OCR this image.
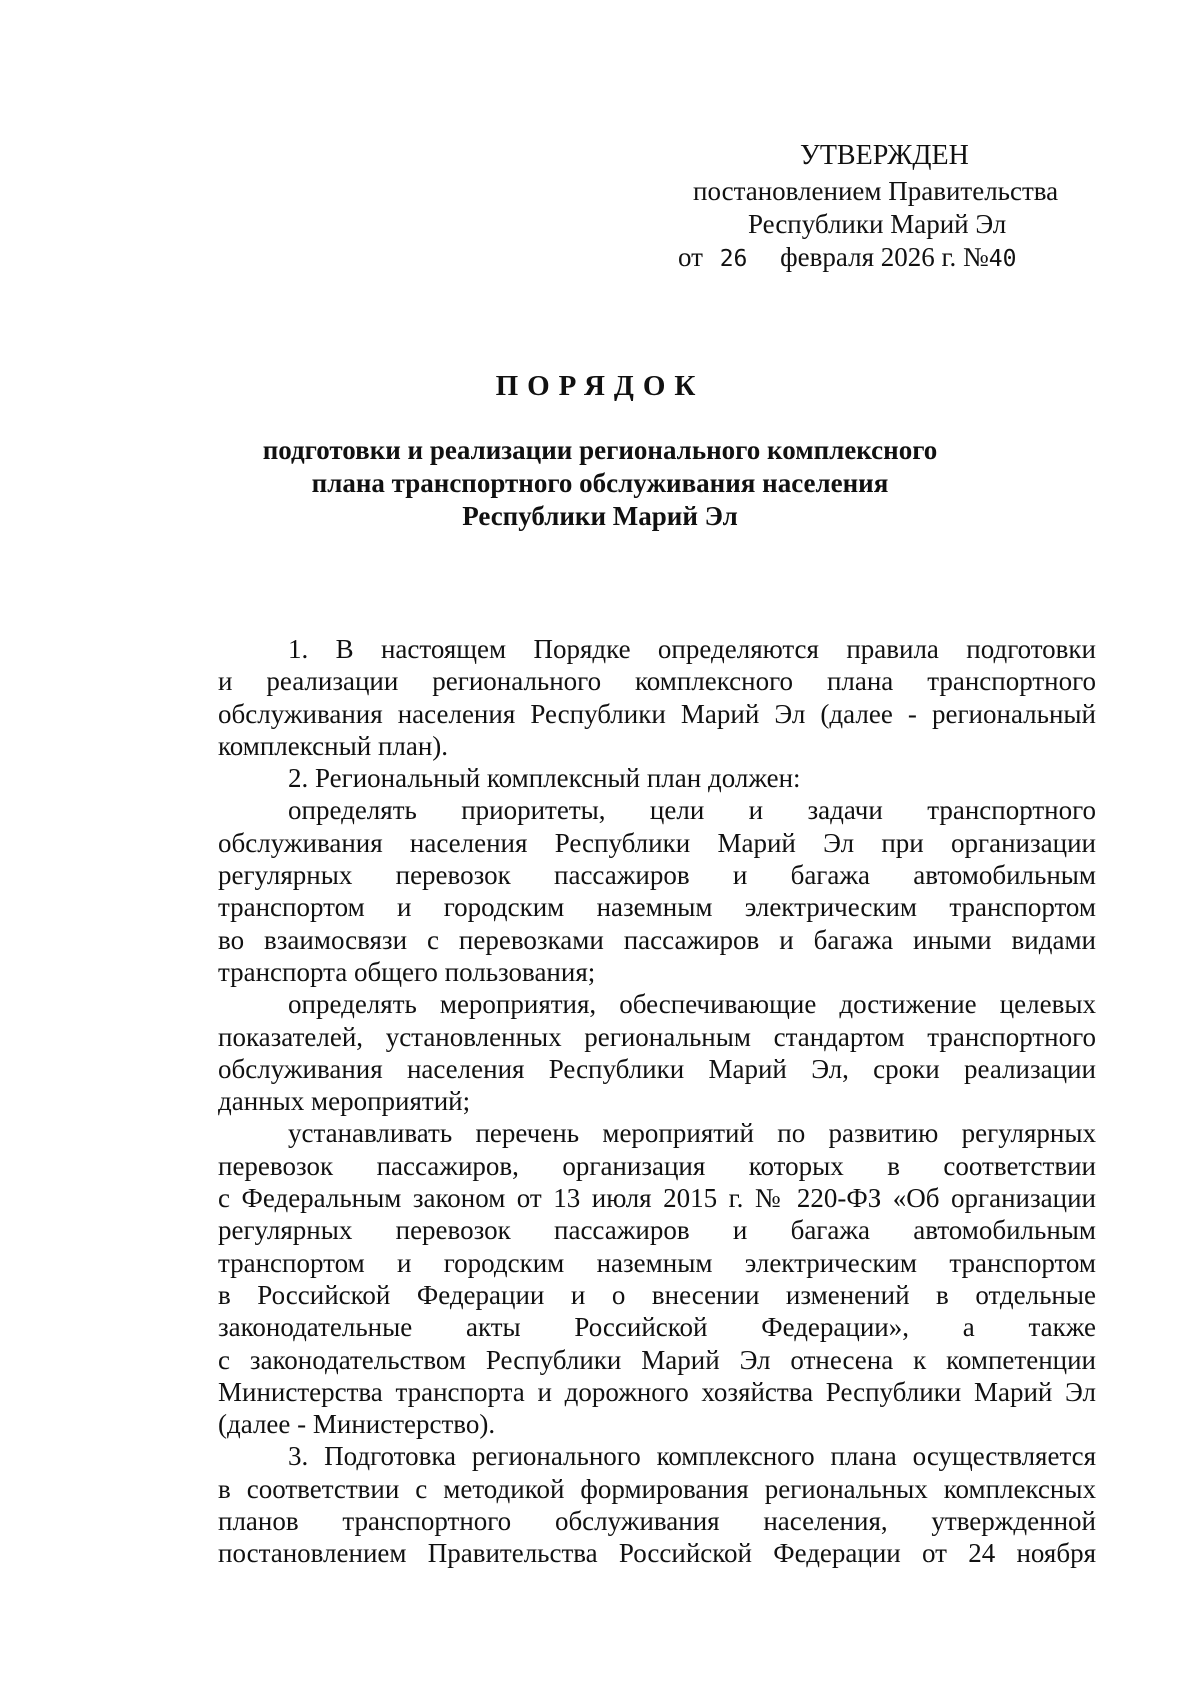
УТВЕРЖДЕН
постановлением Правительства
Республики Марий Эл
от 26 февраля 2026 г. №40
ПОРЯДОК
подготовки и реализации регионального комплексного
плана транспортного обслуживания населения
Республики Марий Эл

1. В настоящем Порядке определяются правила подготовки
и реализации регионального комплексного плана транспортного
обслуживания населения Республики Марий Эл (далее - региональный
комплексный план).

2. Региональный комплексный план должен:

определять приоритеты, цели и задачи транспортного
обслуживания населения Республики Марий Эл при организации
регулярных перевозок пассажиров и багажа автомобильным
транспортом и городским наземным электрическим транспортом
во взаимосвязи с перевозками пассажиров и багажа иными видами
транспорта общего пользования;

определять мероприятия, обеспечивающие достижение целевых
показателей, установленных региональным стандартом транспортного
обслуживания населения Республики Марий Эл, сроки реализации
данных мероприятий;

устанавливать перечень мероприятий по развитию регулярных
перевозок пассажиров, организация которых в соответствии
с Федеральным законом от 13 июля 2015 г. № 220-ФЗ «Об организации
регулярных перевозок пассажиров и багажа автомобильным
транспортом и городским наземным электрическим транспортом
в Российской Федерации и о внесении изменений в отдельные
законодательные акты Российской Федерации», а также
с законодательством Республики Марий Эл отнесена к компетенции
Министерства транспорта и дорожного хозяйства Республики Марий Эл
(далее - Министерство).

3. Подготовка регионального комплексного плана осуществляется
в соответствии с методикой формирования региональных комплексных
планов транспортного обслуживания населения, утвержденной
постановлением Правительства Российской Федерации от 24 ноября
